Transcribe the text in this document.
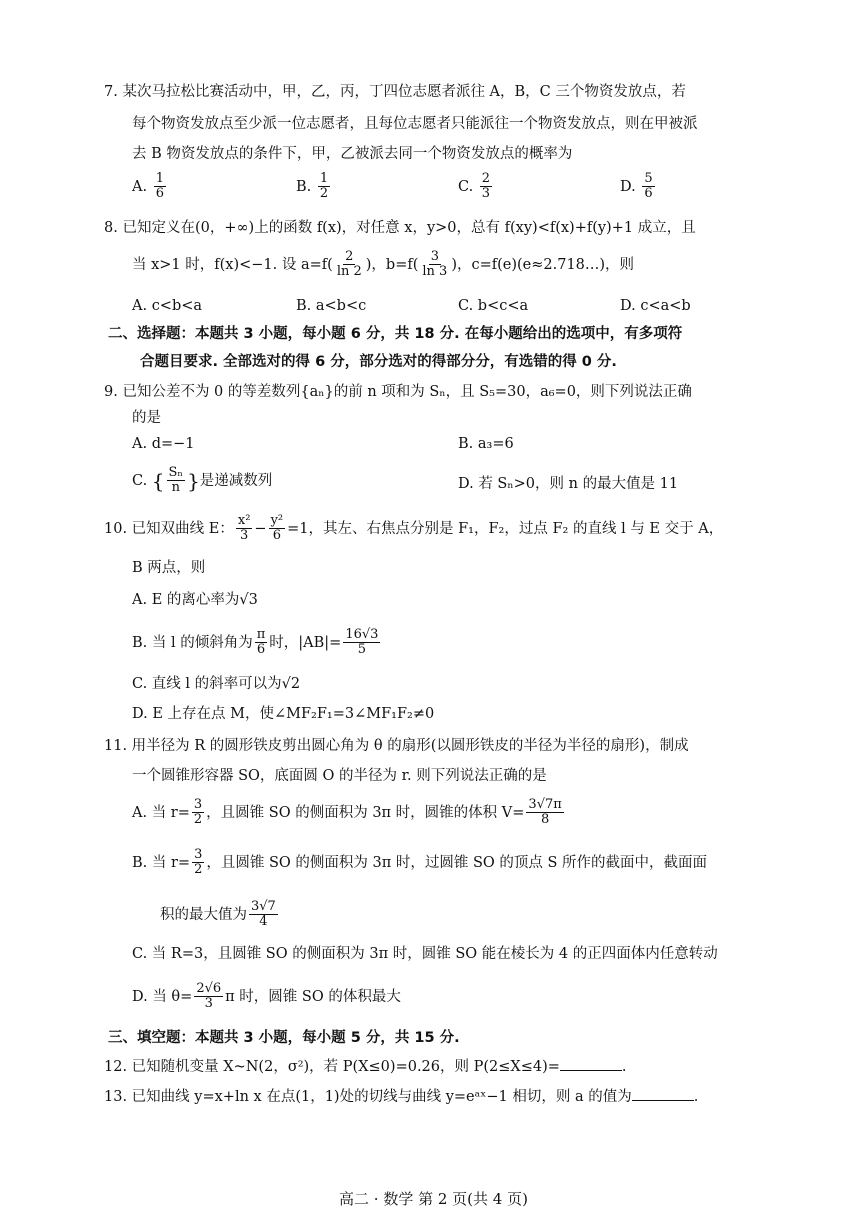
7. 某次马拉松比赛活动中，甲，乙，丙，丁四位志愿者派往 A，B，C 三个物资发放点，若
每个物资发放点至少派一位志愿者，且每位志愿者只能派往一个物资发放点，则在甲被派
去 B 物资发放点的条件下，甲，乙被派去同一个物资发放点的概率为
A. $\frac{1}{6}$	B. $\frac{1}{2}$	C. $\frac{2}{3}$	D. $\frac{5}{6}$
8. 已知定义在(0，+∞)上的函数 f(x)，对任意 x，y>0，总有 f(xy)<f(x)+f(y)+1 成立，且
当 x>1 时，f(x)<−1. 设 $a=f( \frac{2}{\ln 2}$ )，$b=f( \frac{3}{\ln 3}$ )，c=f(e)(e≈2.718…)，则
A. c<b<a	B. a<b<c	C. b<c<a	D. c<a<b
二、选择题：本题共 3 小题，每小题 6 分，共 18 分. 在每小题给出的选项中，有多项符
合题目要求. 全部选对的得 6 分，部分选对的得部分分，有选错的得 0 分.
9. 已知公差不为 0 的等差数列{aₙ}的前 n 项和为 Sₙ，且 S₅=30，a₆=0，则下列说法正确
的是
A. d=−1	B. a₃=6
C. { $\frac{\text{Sₙ}}{n}$ }是递减数列	D. 若 Sₙ>0，则 n 的最大值是 11
10. 已知双曲线 E： $\frac{\text{x²}}{3} - \frac{\text{y²}}{6} =1$，其左、右焦点分别是 F₁，F₂，过点 F₂ 的直线 l 与 E 交于 A，
B 两点，则
A. E 的离心率为√3
B. 当 l 的倾斜角为 $\frac{\pi}{6}$ 时，$|AB|= \frac{16√3}{5}$
C. 直线 l 的斜率可以为√2
D. E 上存在点 M，使∠MF₂F₁=3∠MF₁F₂≠0
11. 用半径为 R 的圆形铁皮剪出圆心角为 θ 的扇形(以圆形铁皮的半径为半径的扇形)，制成
一个圆锥形容器 SO，底面圆 O 的半径为 r. 则下列说法正确的是
A. 当 $r= \frac{3}{2}$ ，且圆锥 SO 的侧面积为 3π 时，圆锥的体积 $V= \frac{3√7\pi}{8}$
B. 当 $r= \frac{3}{2}$ ，且圆锥 SO 的侧面积为 3π 时，过圆锥 SO 的顶点 S 所作的截面中，截面面
积的最大值为 $\frac{3√7}{4}$
C. 当 R=3，且圆锥 SO 的侧面积为 3π 时，圆锥 SO 能在棱长为 4 的正四面体内任意转动
D. 当 $\theta= \frac{2√6}{3}$ π 时，圆锥 SO 的体积最大
三、填空题：本题共 3 小题，每小题 5 分，共 15 分.
12. 已知随机变量 X~N(2，σ²)，若 P(X≤0)=0.26，则 P(2≤X≤4)=	.
13. 已知曲线 y=x+ln x 在点(1，1)处的切线与曲线 y=eᵃˣ−1 相切，则 a 的值为	.
高二 · 数学 第 2 页(共 4 页)
